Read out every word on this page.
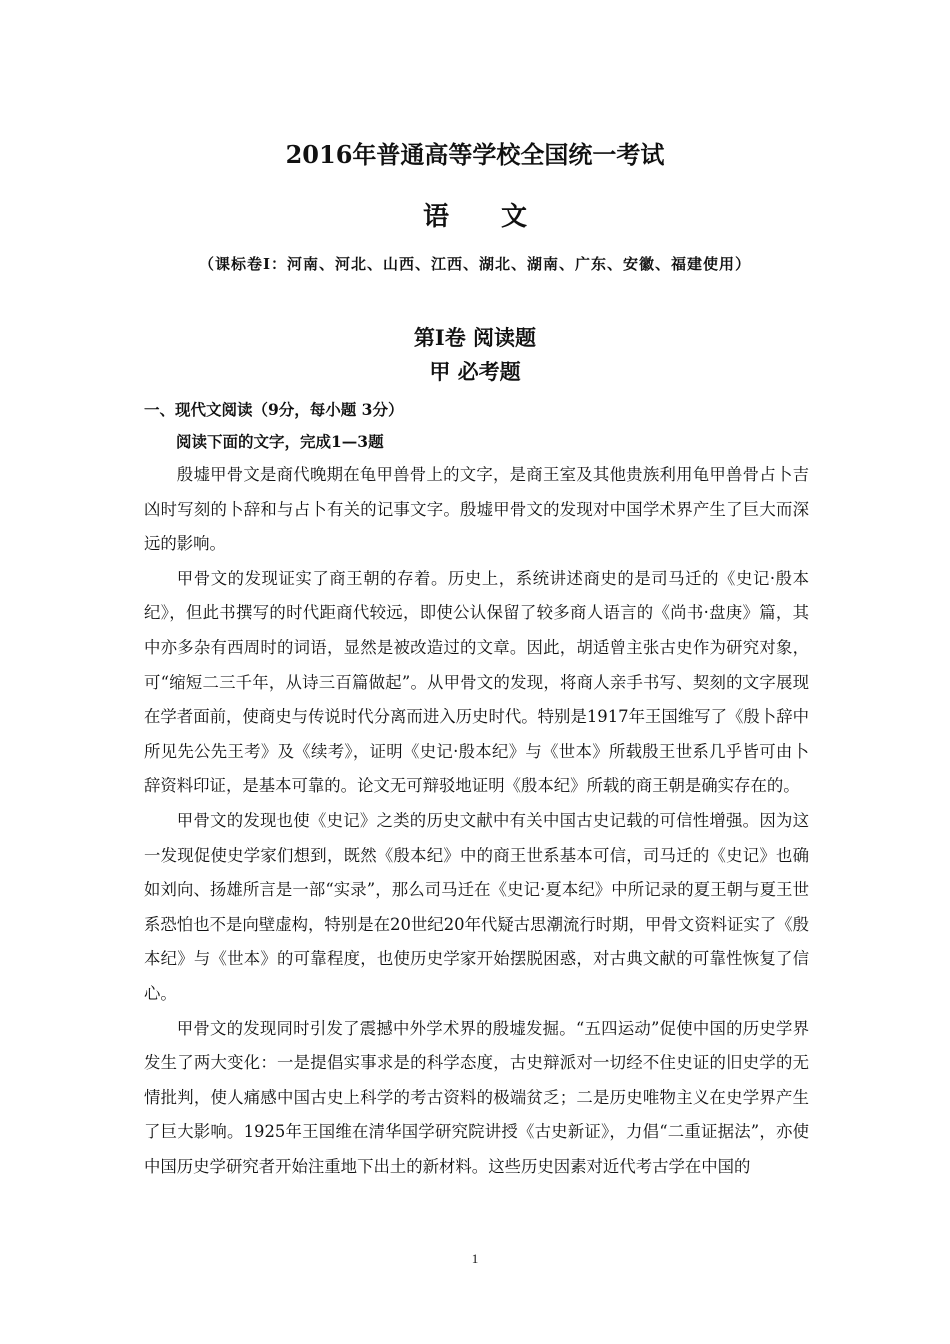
2016年普通高等学校全国统一考试
语 文
（课标卷Ⅰ：河南、河北、山西、江西、湖北、湖南、广东、安徽、福建使用）
第Ⅰ卷 阅读题
甲 必考题
一、现代文阅读（9分，每小题 3分）
阅读下面的文字，完成1—3题

殷墟甲骨文是商代晚期在龟甲兽骨上的文字，是商王室及其他贵族利用龟甲兽骨占卜吉凶时写刻的卜辞和与占卜有关的记事文字。殷墟甲骨文的发现对中国学术界产生了巨大而深远的影响。

甲骨文的发现证实了商王朝的存着。历史上，系统讲述商史的是司马迁的《史记·殷本纪》，但此书撰写的时代距商代较远，即使公认保留了较多商人语言的《尚书·盘庚》篇，其中亦多杂有西周时的词语，显然是被改造过的文章。因此，胡适曾主张古史作为研究对象，可“缩短二三千年，从诗三百篇做起”。从甲骨文的发现，将商人亲手书写、契刻的文字展现在学者面前，使商史与传说时代分离而进入历史时代。特别是1917年王国维写了《殷卜辞中所见先公先王考》及《续考》，证明《史记·殷本纪》与《世本》所载殷王世系几乎皆可由卜辞资料印证，是基本可靠的。论文无可辩驳地证明《殷本纪》所载的商王朝是确实存在的。

甲骨文的发现也使《史记》之类的历史文献中有关中国古史记载的可信性增强。因为这一发现促使史学家们想到，既然《殷本纪》中的商王世系基本可信，司马迁的《史记》也确如刘向、扬雄所言是一部“实录”，那么司马迁在《史记·夏本纪》中所记录的夏王朝与夏王世系恐怕也不是向壁虚构，特别是在20世纪20年代疑古思潮流行时期，甲骨文资料证实了《殷本纪》与《世本》的可靠程度，也使历史学家开始摆脱困惑，对古典文献的可靠性恢复了信心。

甲骨文的发现同时引发了震撼中外学术界的殷墟发掘。“五四运动”促使中国的历史学界发生了两大变化：一是提倡实事求是的科学态度，古史辩派对一切经不住史证的旧史学的无情批判，使人痛感中国古史上科学的考古资料的极端贫乏；二是历史唯物主义在史学界产生了巨大影响。1925年王国维在清华国学研究院讲授《古史新证》，力倡“二重证据法”，亦使中国历史学研究者开始注重地下出土的新材料。这些历史因素对近代考古学在中国的

1
